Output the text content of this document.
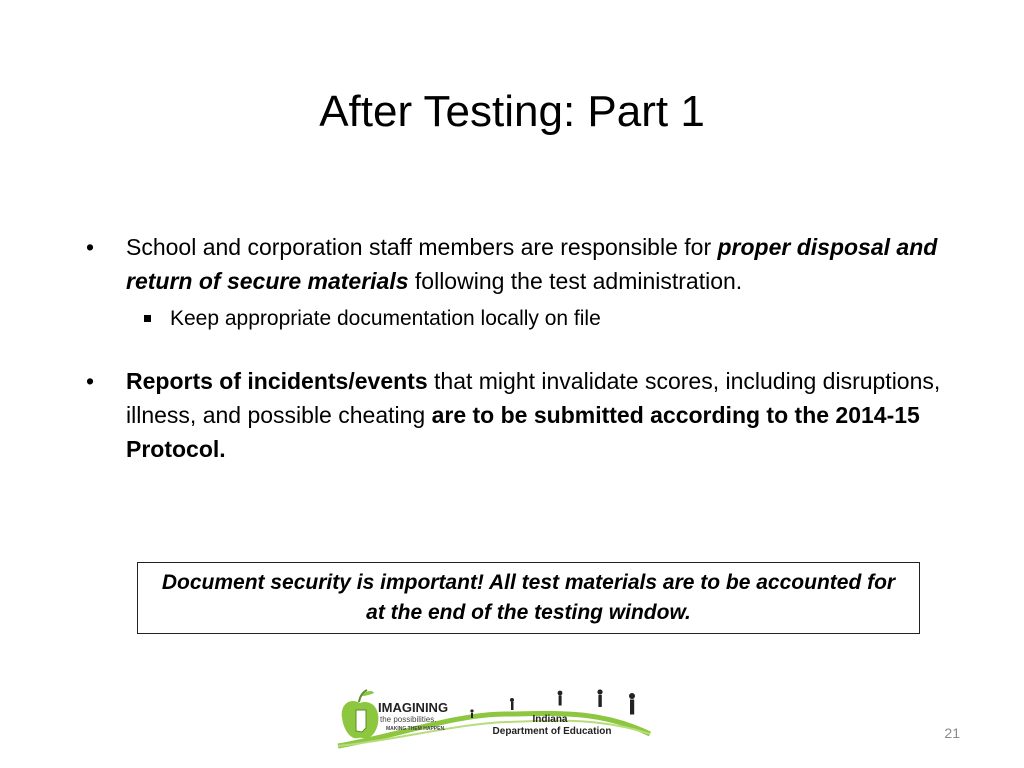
After Testing: Part 1
•	School and corporation staff members are responsible for proper disposal and return of secure materials following the test administration.
Keep appropriate documentation locally on file
•	Reports of incidents/events that might invalidate scores, including disruptions, illness, and possible cheating are to be submitted according to the 2014-15 Protocol.
Document security is important! All test materials are to be accounted for at the end of the testing window.
IMAGINING
the possibilities.
MAKING THEM HAPPEN.
Indiana
Department of Education	21
